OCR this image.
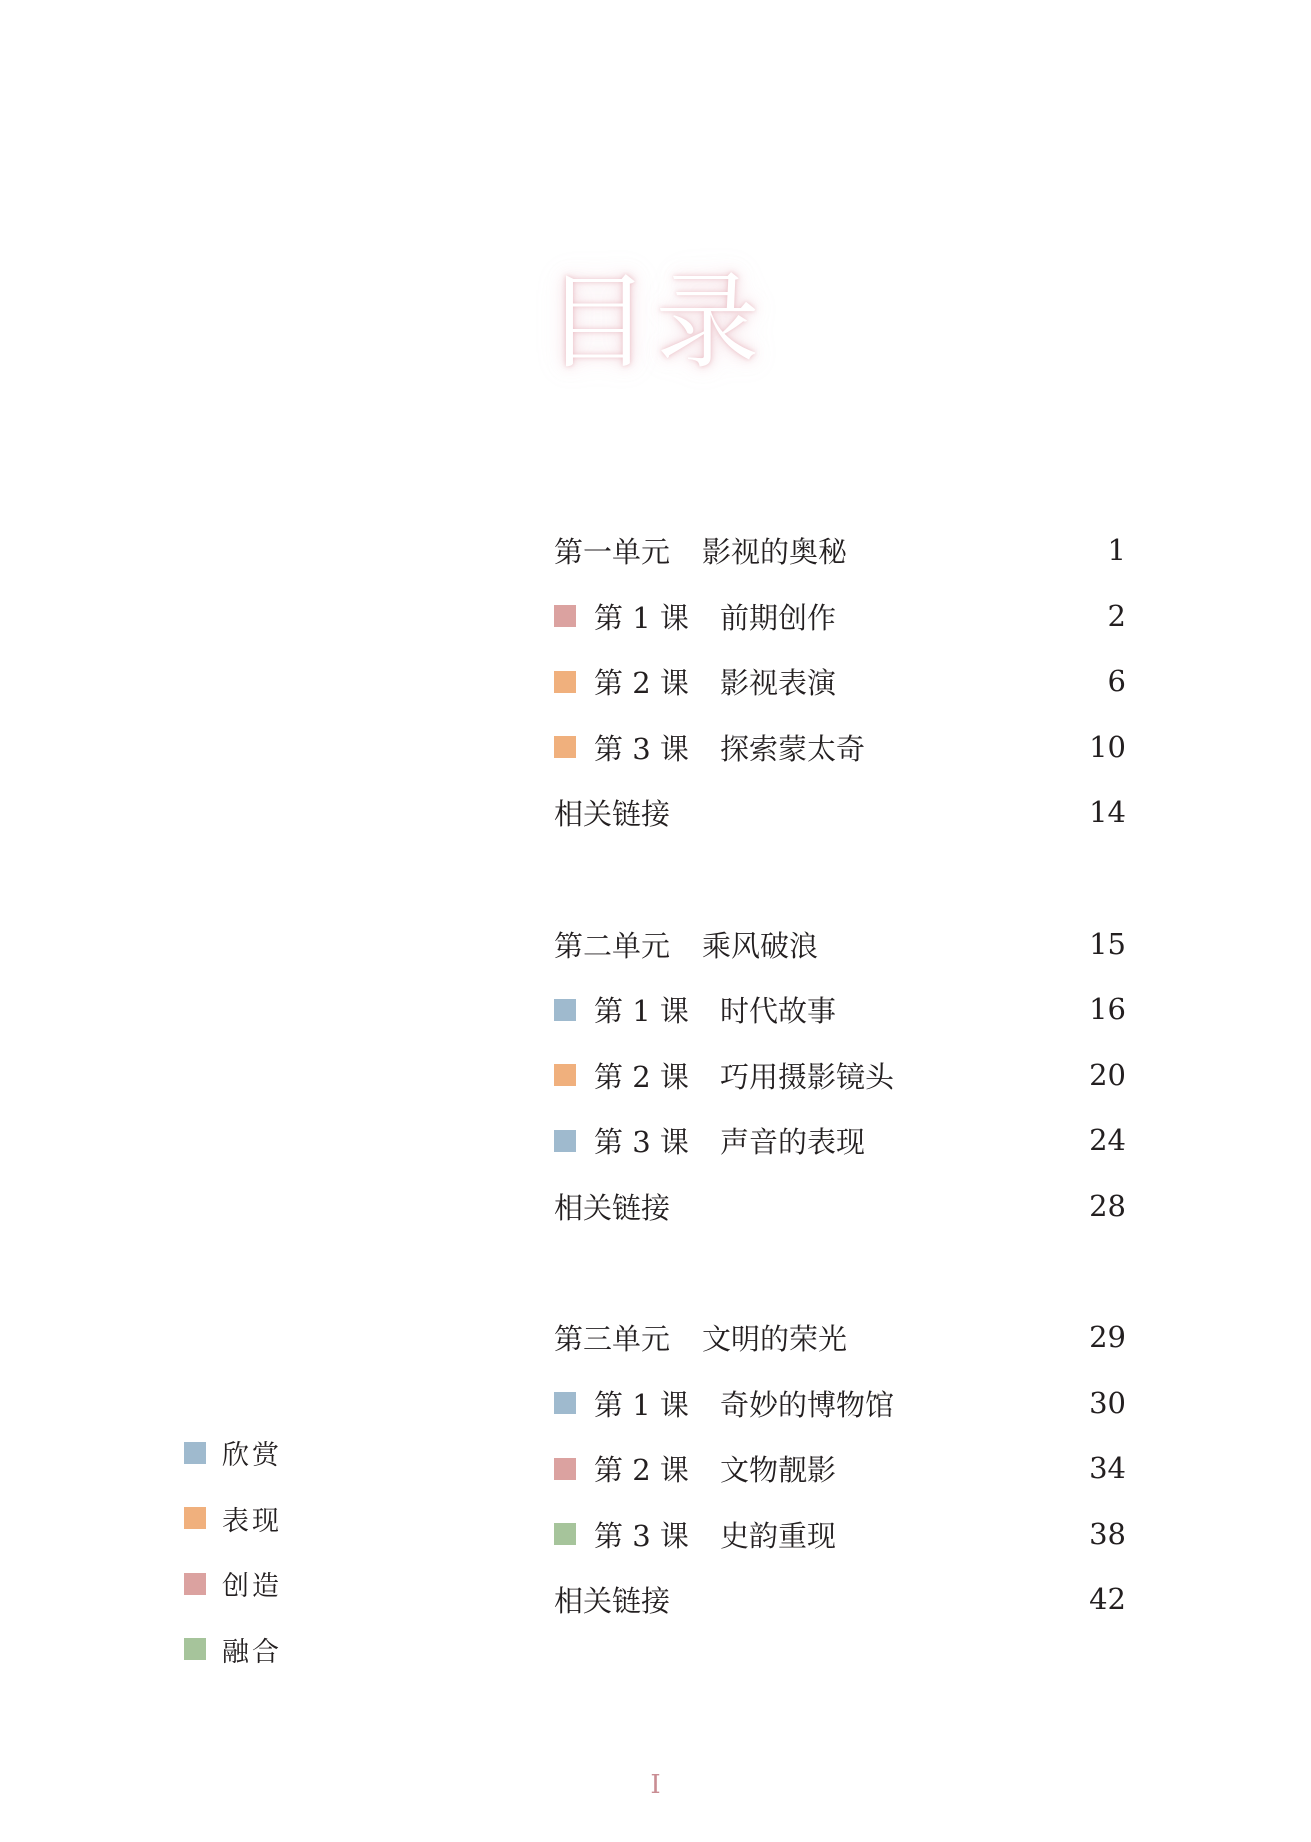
目录
第一单元 影视的奥秘	1
第 1 课	前期创作	2
第 2 课	影视表演	6
第 3 课	探索蒙太奇	10
相关链接	14
第二单元 乘风破浪	15
第 1 课	时代故事	16
第 2 课	巧用摄影镜头	20
第 3 课	声音的表现	24
相关链接	28
第三单元 文明的荣光	29
第 1 课	奇妙的博物馆	30
第 2 课	文物靓影	34
第 3 课	史韵重现	38
相关链接	42
欣赏
表现
创造
融合
I
